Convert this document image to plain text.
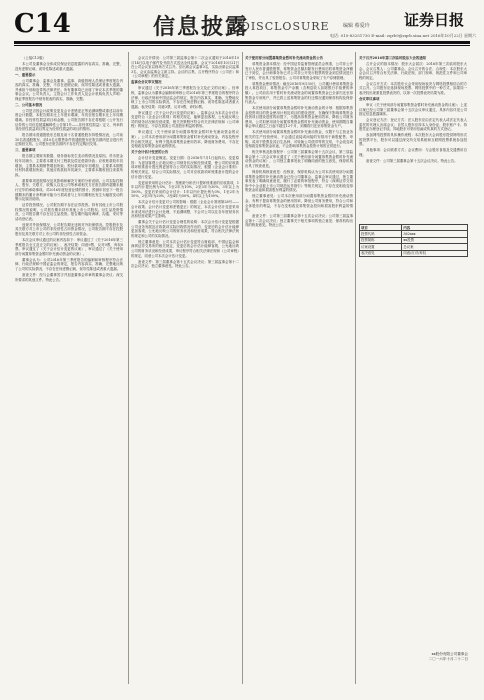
C14	信息披露
DISCLOSURE	编辑 蔡爱玲 证券日报
电话: 010-83251730 E-mail: zqrb9@zqrb.sina.net 2016年10月22日 星期六

（上接C13版）

本公司及董事会全体成员保证信息披露的内容真实、准确、完整，没有虚假记载、误导性陈述或重大遗漏。

一、重要提示

公司董事会、监事会及董事、监事、高级管理人员保证季度报告内容的真实、准确、完整，不存在虚假记载、误导性陈述或者重大遗漏，并承担个别和连带的法律责任。所有董事均已出席了审议本次季报的董事会会议。公司负责人、主管会计工作负责人及会计机构负责人声明：保证季度报告中财务报表的真实、准确、完整。

二、公司基本情况

公司是否因会计政策变更及会计差错更正等追溯调整或重述以前年度会计数据，本报告期末比上年度末增减，年初至报告期末比上年同期增减。非经常性损益项目和金额，公司报告期不存在将根据《公开发行证券的公司信息披露解释性公告第1号——非经常性损益》定义、列举的非经常性损益项目界定为经常性损益的项目的情形。

报告期末普通股股东总数及前十名普通股股东持股情况表，公司前10名普通股股东、前10名无限售条件普通股股东在报告期内是否进行约定购回交易。公司股东在报告期内不存在约定购回交易。

三、重要事项

报告期主要财务数据、财务指标发生变动的情况及原因。货币资金较年初减少，主要系本期支付工程款及偿还借款所致；应收账款较年初增加，主要系本期销售增加所致；预付款项较年初增加，主要系本期预付材料款增加所致；其他应收款较年初减少，主要系本期收回往来款所致。

重要事项进展情况及其影响和解决方案的分析说明。公司实际控制人、股东、关联方、收购人以及公司等承诺相关方在报告期内超期未履行完毕的承诺事项。对2016年度经营业绩的预计，预测年初至下一报告期期末的累计净利润可能为亏损或者与上年同期相比发生大幅度变动的警示及原因说明。

证券投资情况，公司报告期不存在证券投资。持有其他上市公司股权情况的说明，公司报告期未持有其他上市公司股权。衍生品投资情况，公司报告期不存在衍生品投资。报告期内接待调研、沟通、采访等活动登记表。

违规对外担保情况，公司报告期无违规对外担保情况。控股股东及其关联方对上市公司的非经营性占用资金情况，公司报告期不存在控股股东及其关联方对上市公司的非经营性占用资金。

本次会议审议通过的议案内容如下：审议通过了《关于2016年第三季度报告全文及正文的议案》，表决结果：同意9票，反对0票，弃权0票。审议通过了《关于会计估计变更的议案》，审议通过了《关于使用部分闲置募集资金暂时补充流动资金的议案》。

董事会认为：公司2016年第三季度报告的编制和审核程序符合法律、行政法规和中国证监会的规定，报告内容真实、准确、完整地反映了公司的实际情况，不存在任何虚假记载、误导性陈述或者重大遗漏。

备查文件：经与会董事签字并加盖董事会印章的董事会决议；深交所要求的其他文件。特此公告。

会议召开情况：公司第三届监事会第十二次会议通知于2016年10月14日以电子邮件及书面方式送达全体监事，会议于2016年10月21日在公司会议室以现场方式召开。应出席会议监事3名，实际出席会议监事3名，会议由监事会主席主持。会议的召集、召开程序符合《公司法》和《公司章程》的有关规定。

监事会会议审议情况

审议通过《关于2016年第三季度报告全文及正文的议案》。经审核，监事会认为董事会编制和审核公司2016年第三季度报告的程序符合法律、行政法规和中国证监会的规定，报告内容真实、准确、完整地反映了上市公司的实际情况，不存在任何虚假记载、误导性陈述或者重大遗漏。表决结果：同意3票，反对0票，弃权0票。

审议通过《关于会计估计变更的议案》。监事会认为本次会计估计变更符合《企业会计准则》的相关规定，能够更加客观、公允地反映公司的财务状况和经营成果，相关决策程序符合有关法律法规和《公司章程》的规定，不存在损害公司及股东利益的情形。

审议通过《关于使用部分闲置募集资金暂时补充流动资金的议案》。公司本次使用部分闲置募集资金暂时补充流动资金，内容及程序符合相关规定，有利于提高募集资金使用效率，降低财务费用，不存在变相改变募集资金用途的情况。

关于会计估计变更的公告

会计估计变更概述。变更日期：自2016年7月1日起执行。变更原因：为更加客观公正地反映公司财务状况和经营成果，使公司的应收款项坏账准备计提比例更加符合公司的实际情况，根据《企业会计准则》的相关规定，结合公司实际情况，公司对应收款项坏账准备计提的会计估计进行变更。

变更前采用的会计估计：按账龄分析法计提坏账准备的应收款项，1年以内计提比例为5%，1至2年为10%，2至3年为30%，3年以上为100%。变更后采用的会计估计：1年以内计提比例为3%，1至2年为10%，2至3年为20%，3至4年为50%，4年以上为100%。

本次会计估计变更对公司的影响：根据《企业会计准则第28号——会计政策、会计估计变更和差错更正》的规定，本次会计估计变更采用未来适用法进行会计处理，不追溯调整，不会对公司以往各年度财务状况和经营成果产生影响。

董事会关于会计估计变更合理性的说明：本次会计估计变更是根据公司业务发展及应收款项实际回收情况作出的，变更后的会计估计能够更加客观、公允地反映公司的财务状况和经营成果，符合相关法律法规的规定和公司的实际情况。

独立董事意见：公司本次会计估计变更符合财政部、中国证监会和深圳证券交易所的相关规定，变更后的会计估计能够客观、公允地反映公司的财务状况和经营成果，审议程序符合相关法律法规和《公司章程》的规定，同意公司本次会计估计变更。

备查文件：第三届董事会第十五次会议决议；第三届监事会第十二次会议决议；独立董事意见。特此公告。

关于使用部分闲置募集资金暂时补充流动资金的公告

募集资金基本情况：经中国证券监督管理委员会核准，公司非公开发行人民币普通股股票，募集资金总额扣除发行费用后的募集资金净额已于到位，会计师事务所已对公司非公开发行股票的资金到位情况进行了审验，并出具了验资报告。公司对募集资金采取了专户存储管理。

募集资金使用情况：截至2016年9月30日，公司累计使用募集资金投入募投项目，募集资金专户余额（含利息收入扣除银行手续费的净额）。公司前次用于暂时补充流动资金的闲置募集资金已全部归还至募集资金专用账户，并已将上述募集资金的归还情况通知保荐机构及保荐代表人。

本次使用部分闲置募集资金暂时补充流动资金的计划：根据募集资金投资项目的资金使用计划及项目的建设进度，在确保不影响募集资金投资项目建设进度的前提下，为提高募集资金使用效率，降低公司财务费用，公司拟使用部分闲置募集资金暂时补充流动资金，使用期限自董事会审议通过之日起不超过12个月，到期将归还至募集资金专户。

本次使用部分闲置募集资金暂时补充流动资金，仅限于与主营业务相关的生产经营使用，不会通过直接或间接的安排用于新股配售、申购，或用于股票及其衍生品种、可转换公司债券等的交易，不会改变或变相改变募集资金用途，不会影响募集资金投资计划的正常进行。

相关审核及批准程序：公司第三届董事会第十五次会议、第三届监事会第十二次会议审议通过了《关于使用部分闲置募集资金暂时补充流动资金的议案》，公司独立董事发表了明确同意的独立意见，保荐机构出具了核查意见。

保荐机构核查意见：经核查，保荐机构认为公司本次使用部分闲置募集资金暂时补充流动资金已经公司董事会、监事会审议通过，独立董事发表了明确同意意见，履行了必要的审批程序，符合《深圳证券交易所中小企业板上市公司规范运作指引》等相关规定，不存在变相改变募集资金用途和损害股东利益的情况。

独立董事意见：公司本次使用部分闲置募集资金暂时补充流动资金，有利于提高募集资金的使用效率，降低公司财务费用，符合公司和全体股东的利益，不存在变相改变募集资金投向和损害股东利益的情况。

备查文件：公司第三届董事会第十五次会议决议；公司第三届监事会第十二次会议决议；独立董事关于相关事项的独立意见；保荐机构出具的核查意见。特此公告。

关于召开2016年第三次临时股东大会的通知

召开会议的基本情况：股东大会届次：2016年第三次临时股东大会。会议召集人：公司董事会。会议召开的合法、合规性：本次股东大会会议召开符合有关法律、行政法规、部门规章、规范性文件和公司章程的规定。

会议召开方式：本次股东大会采用现场表决与网络投票相结合的方式召开。公司股东应选择现场投票、网络投票中的一种方式，如果同一表决权出现重复投票表决的，以第一次投票表决结果为准。

会议审议事项

审议《关于使用部分闲置募集资金暂时补充流动资金的议案》；上述议案已经公司第三届董事会第十五次会议审议通过，具体内容详见公司指定信息披露媒体。

会议登记方法：登记方式：法人股东应由法定代表人或法定代表人委托的代理人出席会议；自然人股东应持本人身份证、股东账户卡、持股凭证办理登记手续。异地股东可采用信函或传真的方式登记。

参加网络投票的具体操作流程：本次股东大会向股东提供网络形式的投票平台，股东可以通过深交所交易系统和互联网投票系统参加投票。

其他事项：会议联系方式；会议费用：与会股东食宿及交通费用自理。

备查文件：公司第三届董事会第十五次会议决议。特此公告。

项目	内容
投票代码	362xxx
投票简称	xx投票
议案设置	总议案
表决意见	同意/反对/弃权
xx股份有限公司董事会
二〇一六年十月二十二日
